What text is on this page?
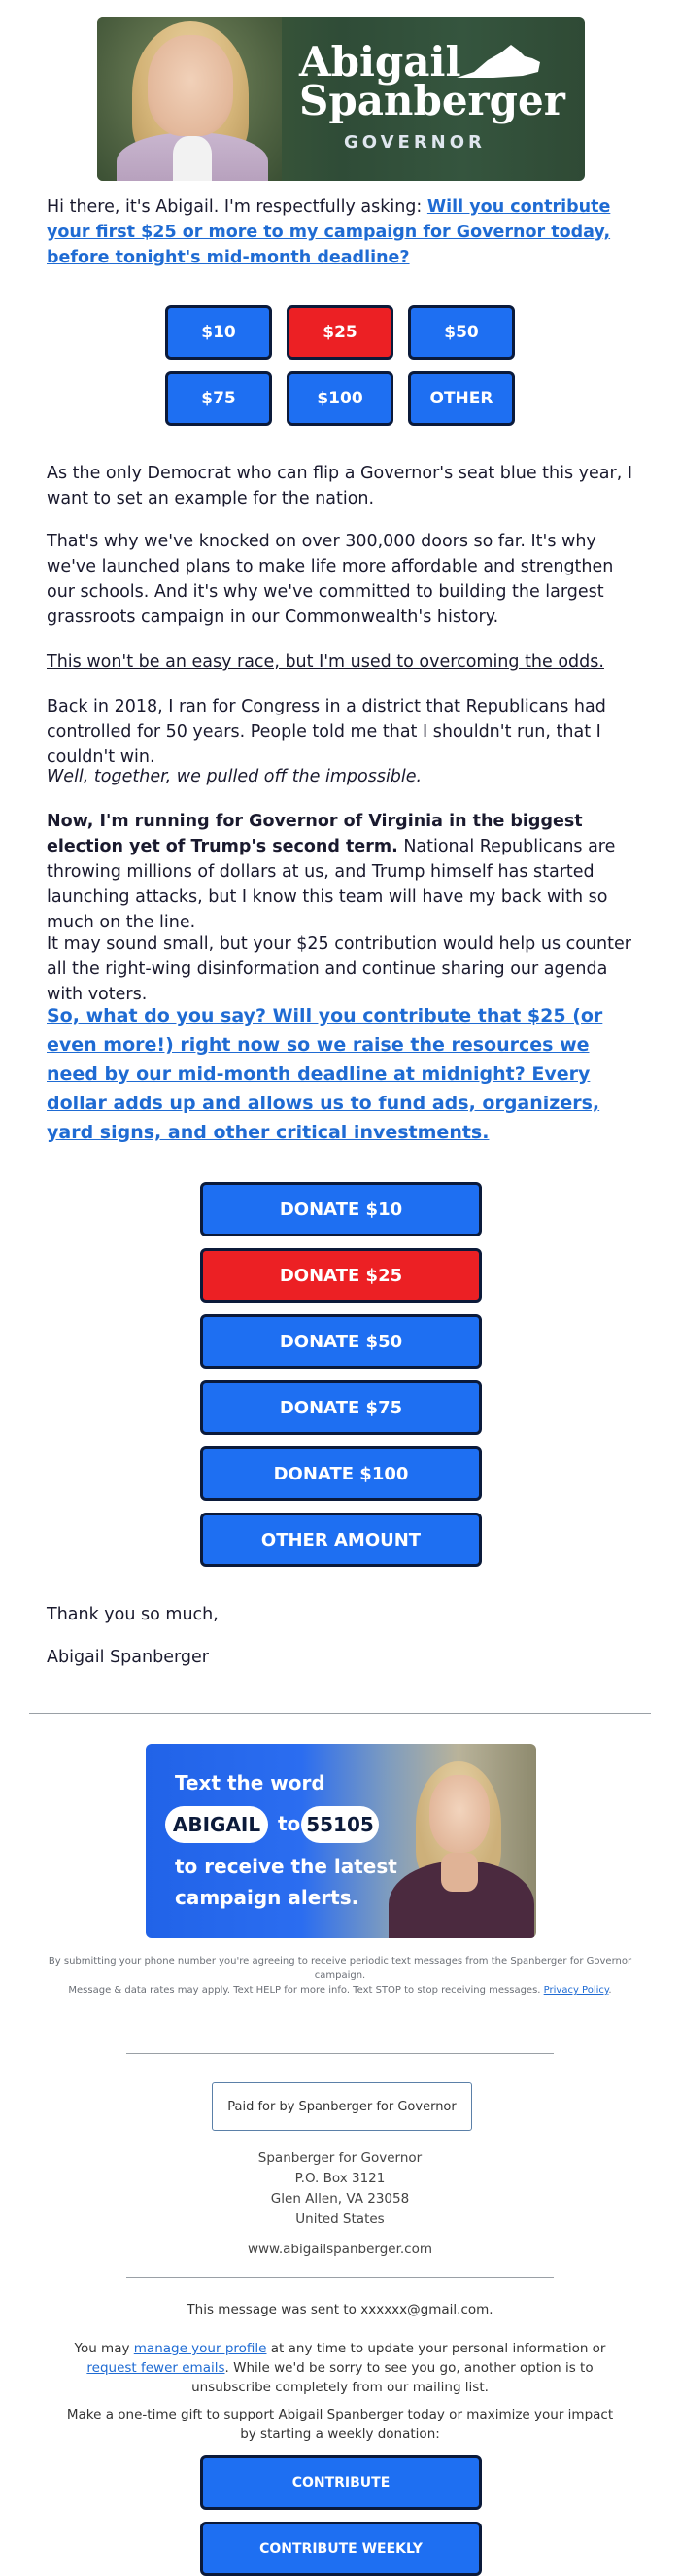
Abigail
Spanberger
GOVERNOR
Hi there, it's Abigail. I'm respectfully asking: Will you contribute your first $25 or more to my campaign for Governor today, before tonight's mid-month deadline?
$10	$25	$50
$75	$100	OTHER
As the only Democrat who can flip a Governor's seat blue this year, I want to set an example for the nation.
That's why we've knocked on over 300,000 doors so far. It's why we've launched plans to make life more affordable and strengthen our schools. And it's why we've committed to building the largest grassroots campaign in our Commonwealth's history.
This won't be an easy race, but I'm used to overcoming the odds.
Back in 2018, I ran for Congress in a district that Republicans had controlled for 50 years. People told me that I shouldn't run, that I couldn't win.
Well, together, we pulled off the impossible.
Now, I'm running for Governor of Virginia in the biggest election yet of Trump's second term. National Republicans are throwing millions of dollars at us, and Trump himself has started launching attacks, but I know this team will have my back with so much on the line.
It may sound small, but your $25 contribution would help us counter all the right-wing disinformation and continue sharing our agenda with voters.
So, what do you say? Will you contribute that $25 (or even more!) right now so we raise the resources we need by our mid-month deadline at midnight? Every dollar adds up and allows us to fund ads, organizers, yard signs, and other critical investments.
DONATE $10
DONATE $25
DONATE $50
DONATE $75
DONATE $100
OTHER AMOUNT
Thank you so much,
Abigail Spanberger
Text the word
ABIGAIL to 55105
to receive the latest
campaign alerts.
By submitting your phone number you're agreeing to receive periodic text messages from the Spanberger for Governor campaign.
Message & data rates may apply. Text HELP for more info. Text STOP to stop receiving messages. Privacy Policy.
Paid for by Spanberger for Governor
Spanberger for Governor
P.O. Box 3121
Glen Allen, VA 23058
United States
www.abigailspanberger.com
This message was sent to xxxxxx@gmail.com.
You may manage your profile at any time to update your personal information or request fewer emails. While we'd be sorry to see you go, another option is to unsubscribe completely from our mailing list.
Make a one-time gift to support Abigail Spanberger today or maximize your impact by starting a weekly donation:
CONTRIBUTE
CONTRIBUTE WEEKLY
